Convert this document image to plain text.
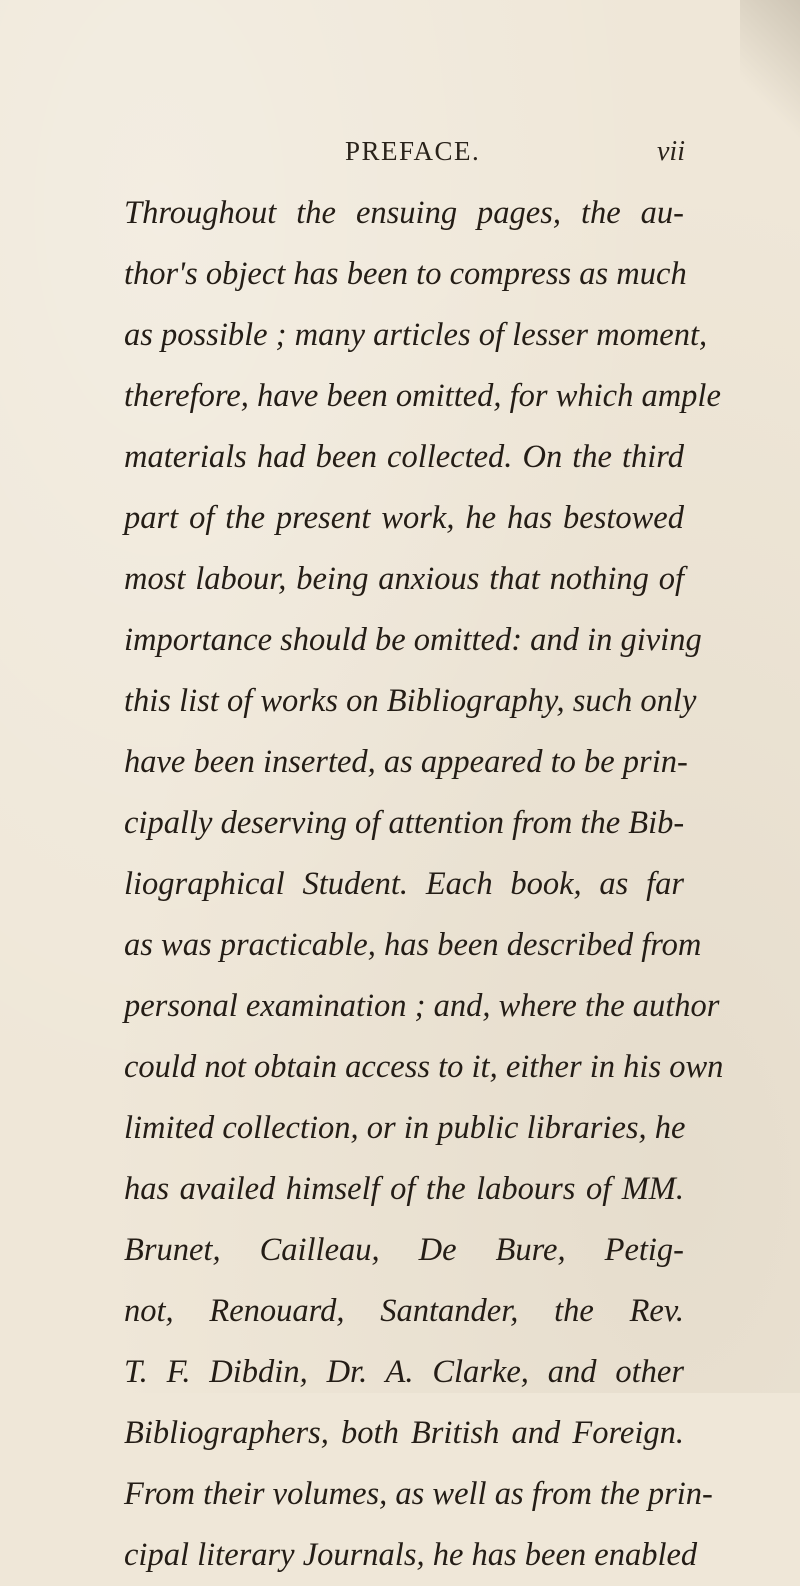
PREFACE.	vii
Throughout the ensuing pages, the au-
thor's object has been to compress as much
as possible ; many articles of lesser moment,
therefore, have been omitted, for which ample
materials had been collected. On the third
part of the present work, he has bestowed
most labour, being anxious that nothing of
importance should be omitted: and in giving
this list of works on Bibliography, such only
have been inserted, as appeared to be prin-
cipally deserving of attention from the Bib-
liographical Student. Each book, as far
as was practicable, has been described from
personal examination ; and, where the author
could not obtain access to it, either in his own
limited collection, or in public libraries, he
has availed himself of the labours of MM.
Brunet, Cailleau, De Bure, Petig-
not, Renouard, Santander, the Rev.
T. F. Dibdin, Dr. A. Clarke, and other
Bibliographers, both British and Foreign.
From their volumes, as well as from the prin-
cipal literary Journals, he has been enabled
